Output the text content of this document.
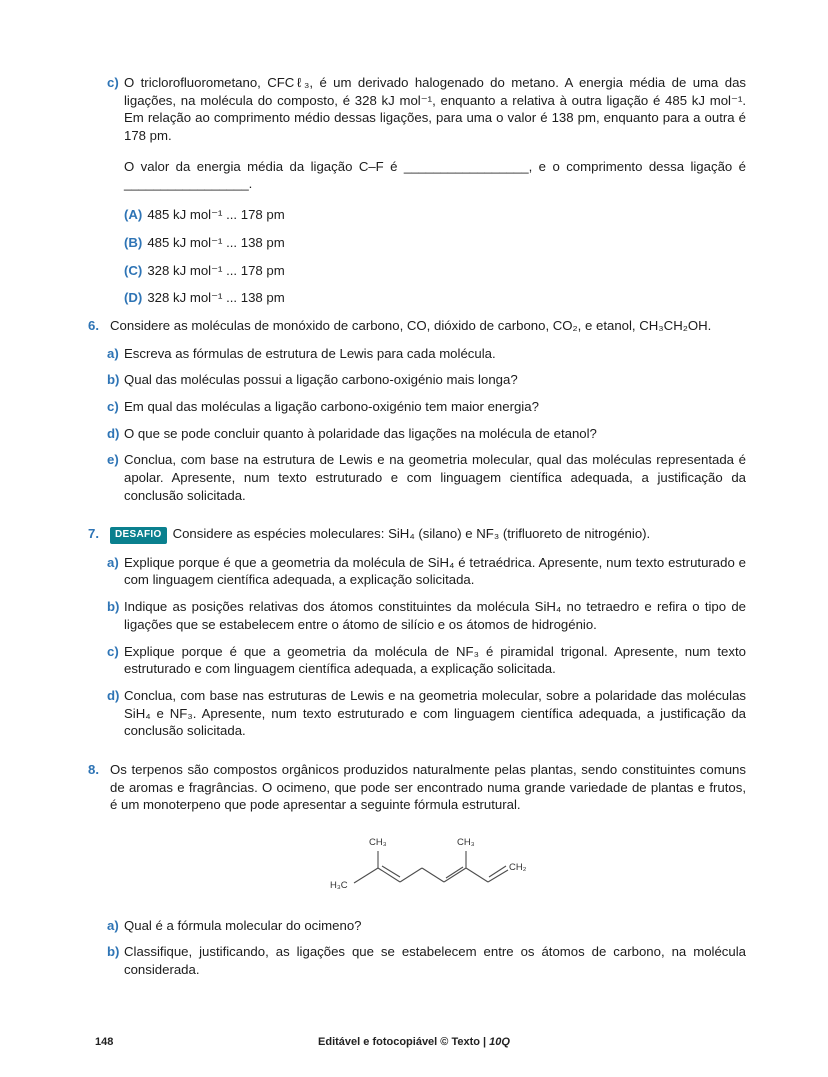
c) O triclorofluorometano, CFCℓ₃, é um derivado halogenado do metano. A energia média de uma das ligações, na molécula do composto, é 328 kJ mol⁻¹, enquanto a relativa à outra ligação é 485 kJ mol⁻¹. Em relação ao comprimento médio dessas ligações, para uma o valor é 138 pm, enquanto para a outra é 178 pm.

O valor da energia média da ligação C–F é _________________, e o comprimento dessa ligação é _________________.

(A) 485 kJ mol⁻¹ ... 178 pm
(B) 485 kJ mol⁻¹ ... 138 pm
(C) 328 kJ mol⁻¹ ... 178 pm
(D) 328 kJ mol⁻¹ ... 138 pm
6. Considere as moléculas de monóxido de carbono, CO, dióxido de carbono, CO₂, e etanol, CH₃CH₂OH.

a) Escreva as fórmulas de estrutura de Lewis para cada molécula.

b) Qual das moléculas possui a ligação carbono-oxigénio mais longa?

c) Em qual das moléculas a ligação carbono-oxigénio tem maior energia?

d) O que se pode concluir quanto à polaridade das ligações na molécula de etanol?

e) Conclua, com base na estrutura de Lewis e na geometria molecular, qual das moléculas representada é apolar. Apresente, num texto estruturado e com linguagem científica adequada, a justificação da conclusão solicitada.

7.	DESAFIO Considere as espécies moleculares: SiH₄ (silano) e NF₃ (trifluoreto de nitrogénio).

a) Explique porque é que a geometria da molécula de SiH₄ é tetraédrica. Apresente, num texto estruturado e com linguagem científica adequada, a explicação solicitada.

b) Indique as posições relativas dos átomos constituintes da molécula SiH₄ no tetraedro e refira o tipo de ligações que se estabelecem entre o átomo de silício e os átomos de hidrogénio.

c) Explique porque é que a geometria da molécula de NF₃ é piramidal trigonal. Apresente, num texto estruturado e com linguagem científica adequada, a explicação solicitada.

d) Conclua, com base nas estruturas de Lewis e na geometria molecular, sobre a polaridade das moléculas SiH₄ e NF₃. Apresente, num texto estruturado e com linguagem científica adequada, a justificação da conclusão solicitada.

8. Os terpenos são compostos orgânicos produzidos naturalmente pelas plantas, sendo constituintes comuns de aromas e fragrâncias. O ocimeno, que pode ser encontrado numa grande variedade de plantas e frutos, é um monoterpeno que pode apresentar a seguinte fórmula estrutural.

H₃C
CH₃	CH₃
CH₂
a) Qual é a fórmula molecular do ocimeno?

b) Classifique, justificando, as ligações que se estabelecem entre os átomos de carbono, na molécula considerada.

148	Editável e fotocopiável © Texto | 10Q
